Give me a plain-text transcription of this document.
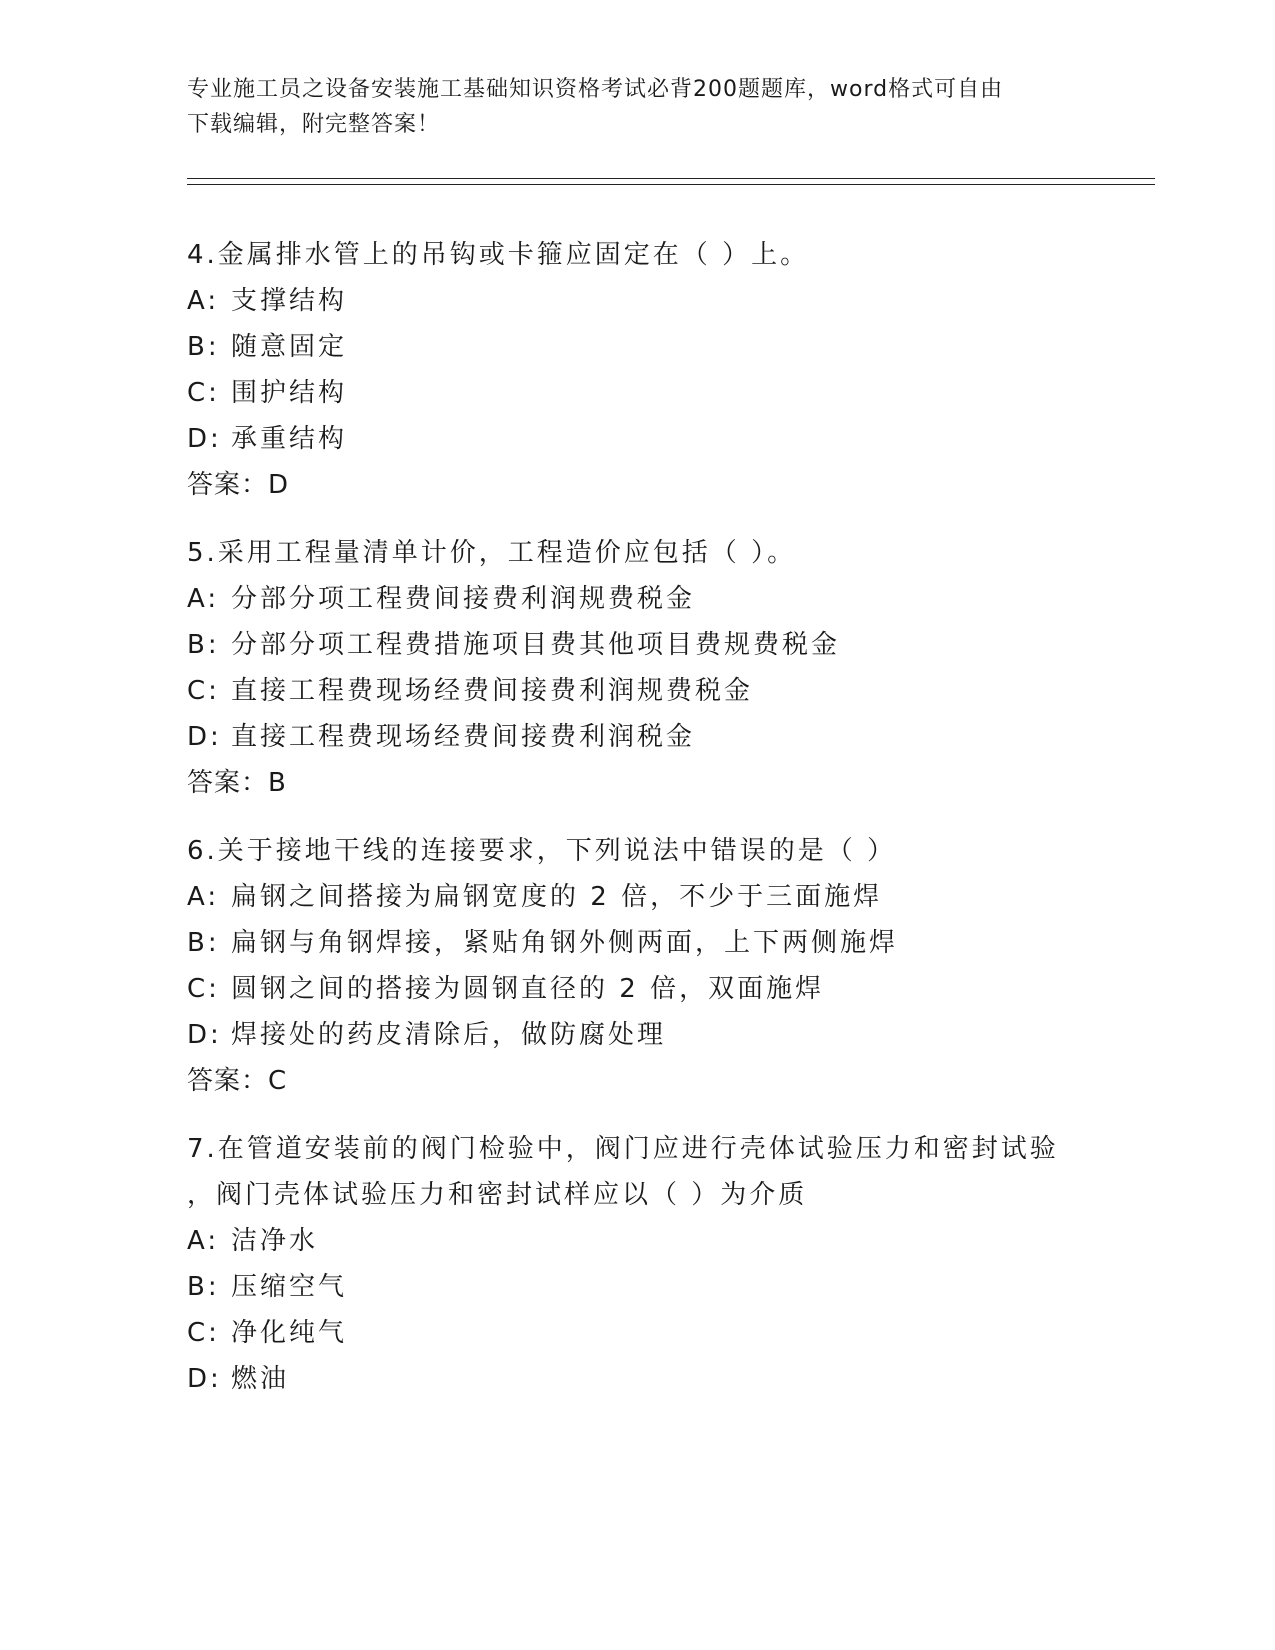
专业施工员之设备安装施工基础知识资格考试必背200题题库，word格式可自由
下载编辑，附完整答案！
4.金属排水管上的吊钩或卡箍应固定在（ ）上。
A: 支撑结构
B: 随意固定
C: 围护结构
D: 承重结构
答案：D
5.采用工程量清单计价，工程造价应包括（ ）。
A: 分部分项工程费间接费利润规费税金
B: 分部分项工程费措施项目费其他项目费规费税金
C: 直接工程费现场经费间接费利润规费税金
D: 直接工程费现场经费间接费利润税金
答案：B
6.关于接地干线的连接要求，下列说法中错误的是（ ）
A: 扁钢之间搭接为扁钢宽度的 2 倍，不少于三面施焊
B: 扁钢与角钢焊接，紧贴角钢外侧两面，上下两侧施焊
C: 圆钢之间的搭接为圆钢直径的 2 倍，双面施焊
D: 焊接处的药皮清除后，做防腐处理
答案：C
7.在管道安装前的阀门检验中，阀门应进行壳体试验压力和密封试验
，阀门壳体试验压力和密封试样应以（ ）为介质
A: 洁净水
B: 压缩空气
C: 净化纯气
D: 燃油
